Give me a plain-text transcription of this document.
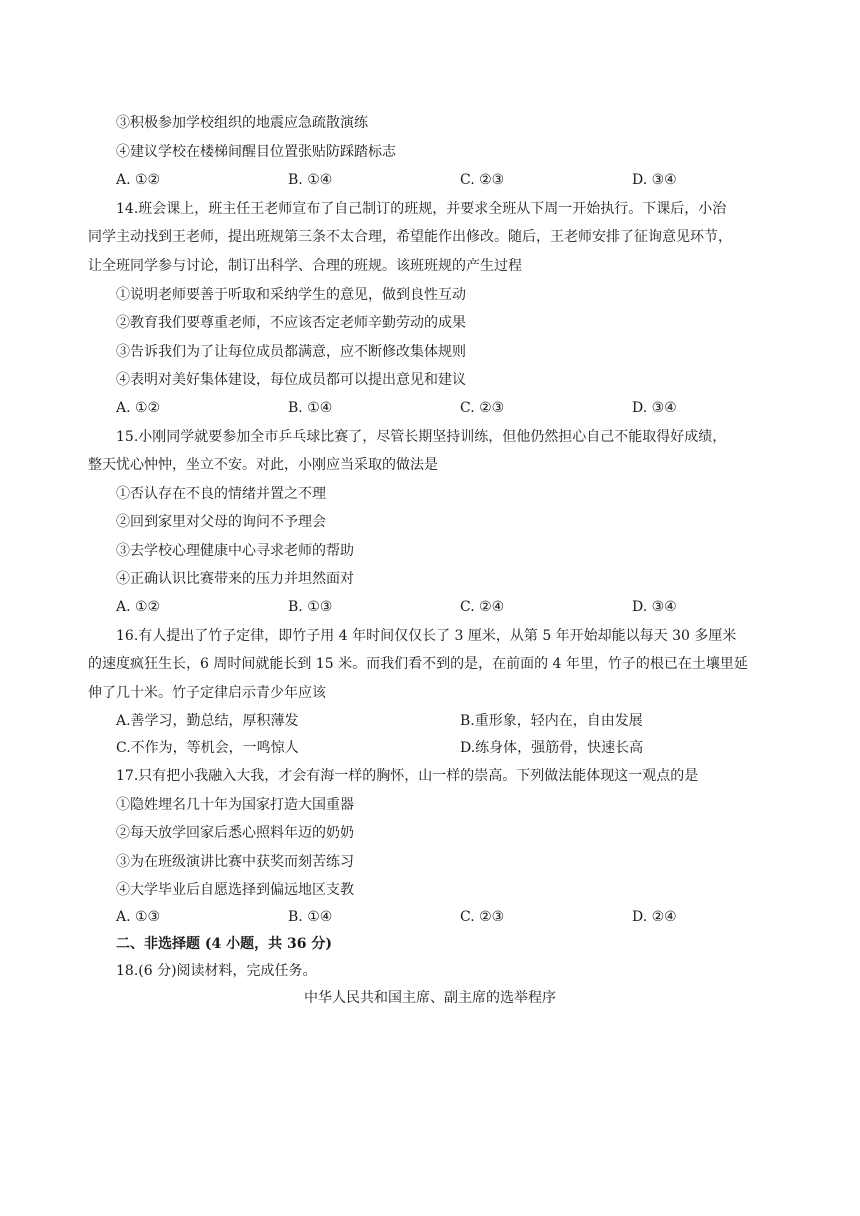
③积极参加学校组织的地震应急疏散演练
④建议学校在楼梯间醒目位置张贴防踩踏标志
A. ①②	B. ①④	C. ②③	D. ③④
14.班会课上，班主任王老师宣布了自己制订的班规，并要求全班从下周一开始执行。下课后，小治
同学主动找到王老师，提出班规第三条不太合理，希望能作出修改。随后，王老师安排了征询意见环节，
让全班同学参与讨论，制订出科学、合理的班规。该班班规的产生过程
①说明老师要善于听取和采纳学生的意见，做到良性互动
②教育我们要尊重老师，不应该否定老师辛勤劳动的成果
③告诉我们为了让每位成员都满意，应不断修改集体规则
④表明对美好集体建设，每位成员都可以提出意见和建议
A. ①②	B. ①④	C. ②③	D. ③④
15.小刚同学就要参加全市乒乓球比赛了，尽管长期坚持训练，但他仍然担心自己不能取得好成绩，
整天忧心忡忡，坐立不安。对此，小刚应当采取的做法是
①否认存在不良的情绪并置之不理
②回到家里对父母的询问不予理会
③去学校心理健康中心寻求老师的帮助
④正确认识比赛带来的压力并坦然面对
A. ①②	B. ①③	C. ②④	D. ③④
16.有人提出了竹子定律，即竹子用 4 年时间仅仅长了 3 厘米，从第 5 年开始却能以每天 30 多厘米
的速度疯狂生长，6 周时间就能长到 15 米。而我们看不到的是，在前面的 4 年里，竹子的根已在土壤里延
伸了几十米。竹子定律启示青少年应该
A.善学习，勤总结，厚积薄发	B.重形象，轻内在，自由发展
C.不作为，等机会，一鸣惊人	D.练身体，强筋骨，快速长高
17.只有把小我融入大我，才会有海一样的胸怀，山一样的崇高。下列做法能体现这一观点的是
①隐姓埋名几十年为国家打造大国重器
②每天放学回家后悉心照料年迈的奶奶
③为在班级演讲比赛中获奖而刻苦练习
④大学毕业后自愿选择到偏远地区支教
A. ①③	B. ①④	C. ②③	D. ②④
二、非选择题 (4 小题，共 36 分)
18.(6 分)阅读材料，完成任务。
中华人民共和国主席、副主席的选举程序
